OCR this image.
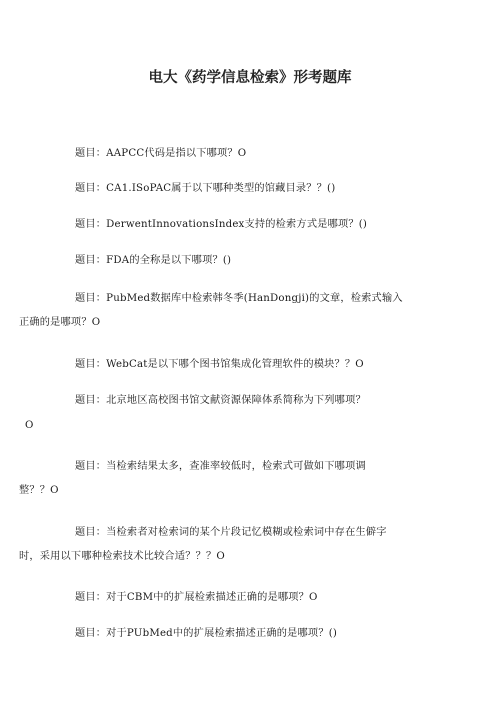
电大《药学信息检索》形考题库
题目：AAPCC代码是指以下哪项？O
题目：CA1.ISoPAC属于以下哪种类型的馆藏目录？？()
题目：DerwentInnovationsIndex支持的检索方式是哪项？()
题目：FDA的全称是以下哪项？()
题目：PubMed数据库中检索韩冬季(HanDongji)的文章，检索式输入
正确的是哪项？O
题目：WebCat是以下哪个图书馆集成化管理软件的模块？？O
题目：北京地区高校图书馆文献资源保障体系简称为下列哪项？
O
题目：当检索结果太多，查准率较低时，检索式可做如下哪项调
整？？O
题目：当检索者对检索词的某个片段记忆模糊或检索词中存在生僻字
时，采用以下哪种检索技术比较合适？？？O
题目：对于CBM中的扩展检索描述正确的是哪项？O
题目：对于PUbMed中的扩展检索描述正确的是哪项？()
